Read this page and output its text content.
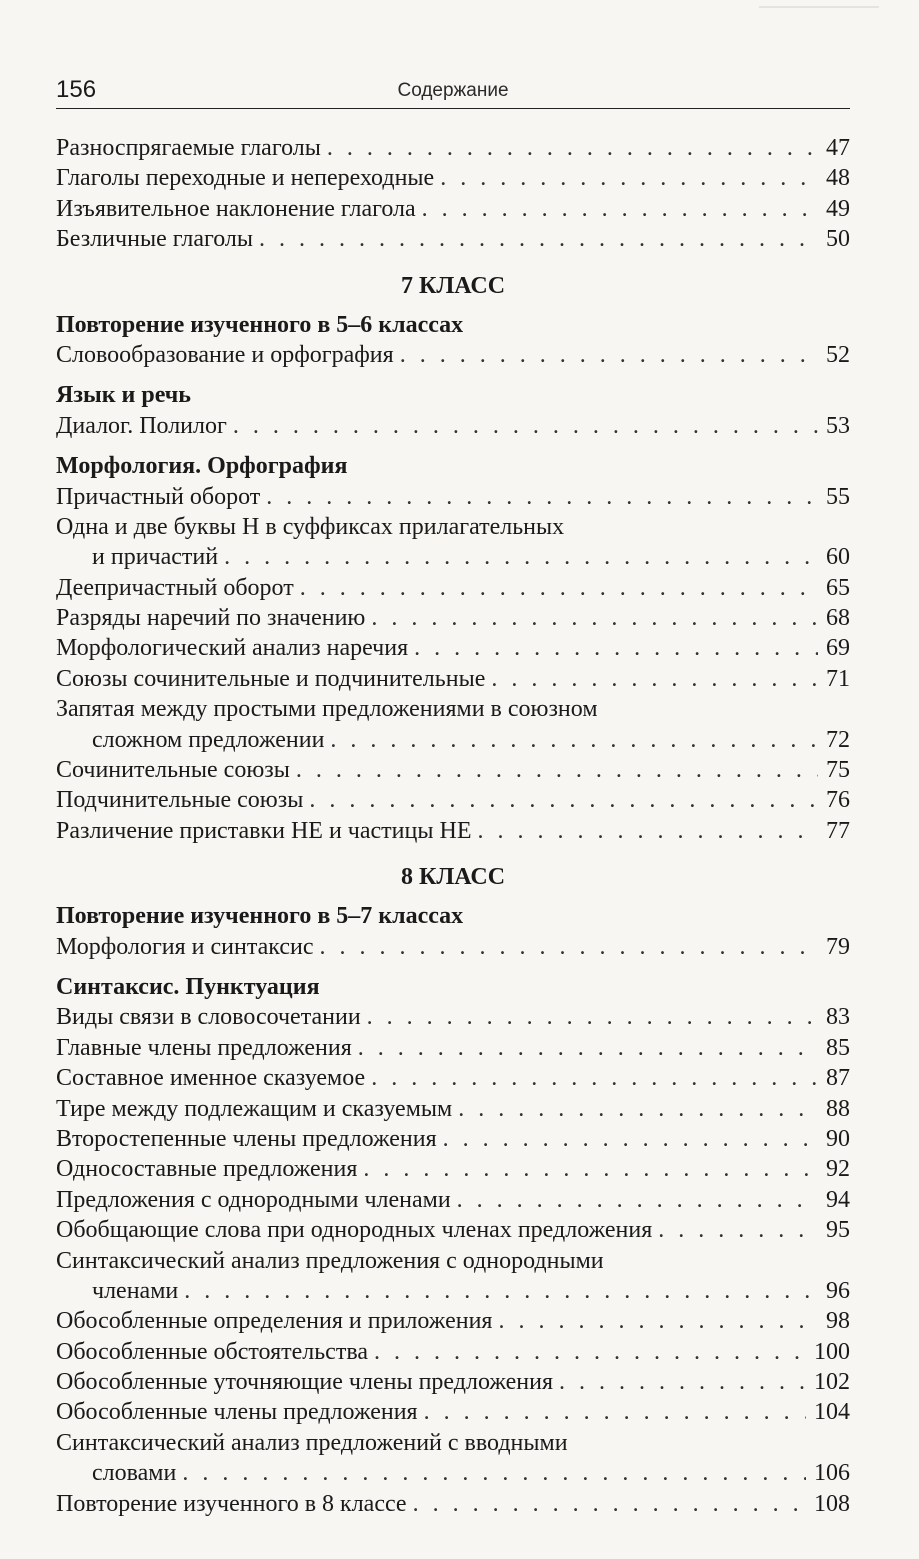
156	Содержание
Разноспрягаемые глаголы . . .	47
Глаголы переходные и непереходные . . .	48
Изъявительное наклонение глагола . . .	49
Безличные глаголы . . .	50
7 КЛАСС
Повторение изученного в 5–6 классах
Словообразование и орфография . . .	52
Язык и речь
Диалог. Полилог . . .	53
Морфология. Орфография
Причастный оборот . . .	55
Одна и две буквы Н в суффиксах прилагательных
и причастий . . .	60
Деепричастный оборот . . .	65
Разряды наречий по значению . . .	68
Морфологический анализ наречия . . .	69
Союзы сочинительные и подчинительные . . .	71
Запятая между простыми предложениями в союзном
сложном предложении . . .	72
Сочинительные союзы . . .	75
Подчинительные союзы . . .	76
Различение приставки НЕ и частицы НЕ . . .	77
8 КЛАСС
Повторение изученного в 5–7 классах
Морфология и синтаксис . . .	79
Синтаксис. Пунктуация
Виды связи в словосочетании . . .	83
Главные члены предложения . . .	85
Составное именное сказуемое . . .	87
Тире между подлежащим и сказуемым . . .	88
Второстепенные члены предложения . . .	90
Односоставные предложения . . .	92
Предложения с однородными членами . . .	94
Обобщающие слова при однородных членах предложения . . .	95
Синтаксический анализ предложения с однородными
членами . . .	96
Обособленные определения и приложения . . .	98
Обособленные обстоятельства . . .	100
Обособленные уточняющие члены предложения . . .	102
Обособленные члены предложения . . .	104
Синтаксический анализ предложений с вводными
словами . . .	106
Повторение изученного в 8 классе . . .	108
